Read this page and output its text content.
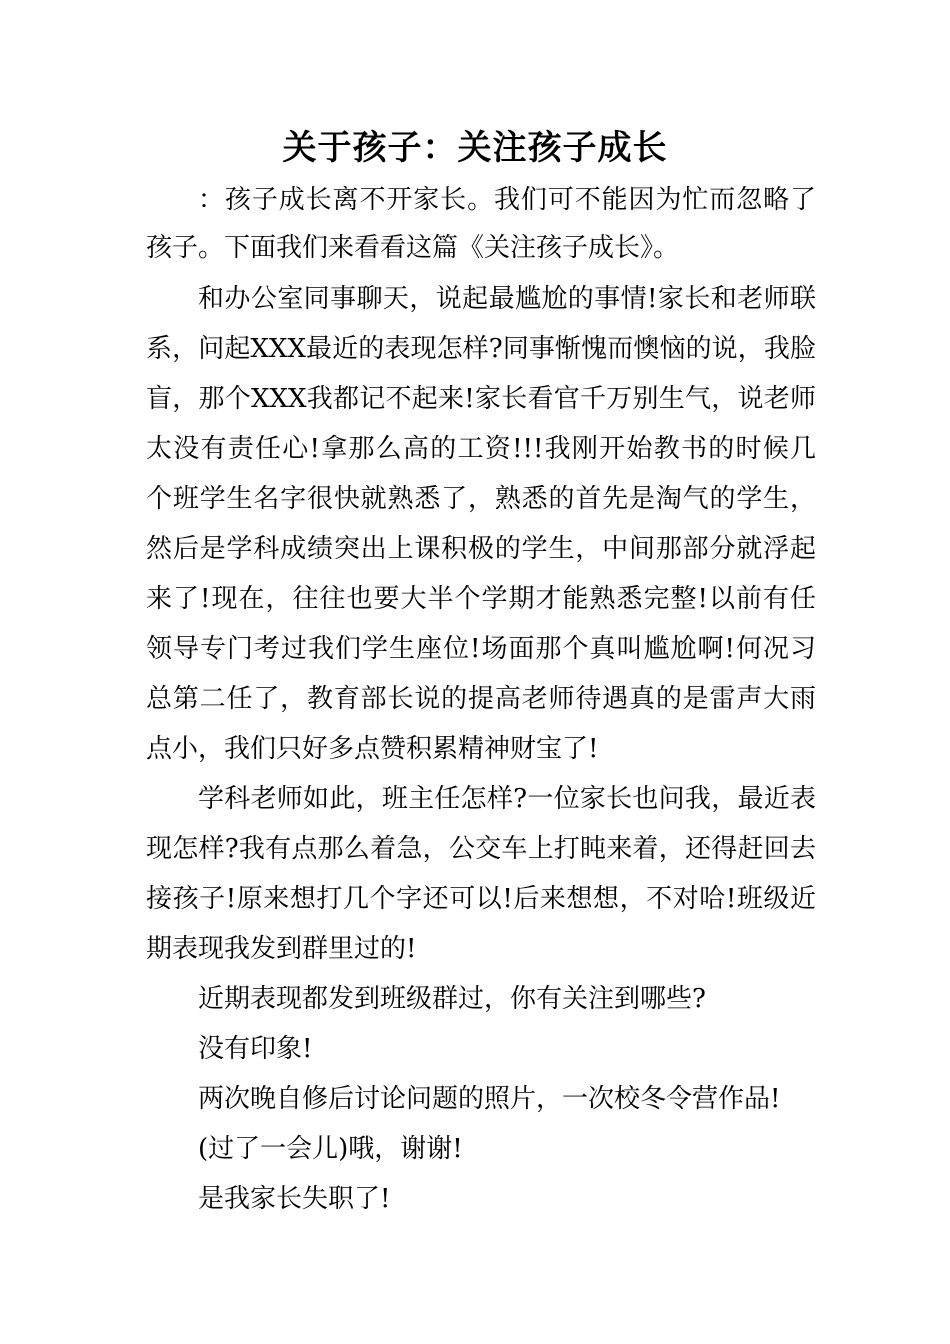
关于孩子：关注孩子成长
：孩子成长离不开家长。我们可不能因为忙而忽略了
孩子。下面我们来看看这篇《关注孩子成长》。
和办公室同事聊天，说起最尴尬的事情!家长和老师联
系，问起XXX最近的表现怎样?同事惭愧而懊恼的说，我脸
盲，那个XXX我都记不起来!家长看官千万别生气，说老师
太没有责任心!拿那么高的工资!!!我刚开始教书的时候几
个班学生名字很快就熟悉了，熟悉的首先是淘气的学生，
然后是学科成绩突出上课积极的学生，中间那部分就浮起
来了!现在，往往也要大半个学期才能熟悉完整!以前有任
领导专门考过我们学生座位!场面那个真叫尴尬啊!何况习
总第二任了，教育部长说的提高老师待遇真的是雷声大雨
点小，我们只好多点赞积累精神财宝了!
学科老师如此，班主任怎样?一位家长也问我，最近表
现怎样?我有点那么着急，公交车上打盹来着，还得赶回去
接孩子!原来想打几个字还可以!后来想想，不对哈!班级近
期表现我发到群里过的!
近期表现都发到班级群过，你有关注到哪些?
没有印象!
两次晚自修后讨论问题的照片，一次校冬令营作品!
(过了一会儿)哦，谢谢!
是我家长失职了!
